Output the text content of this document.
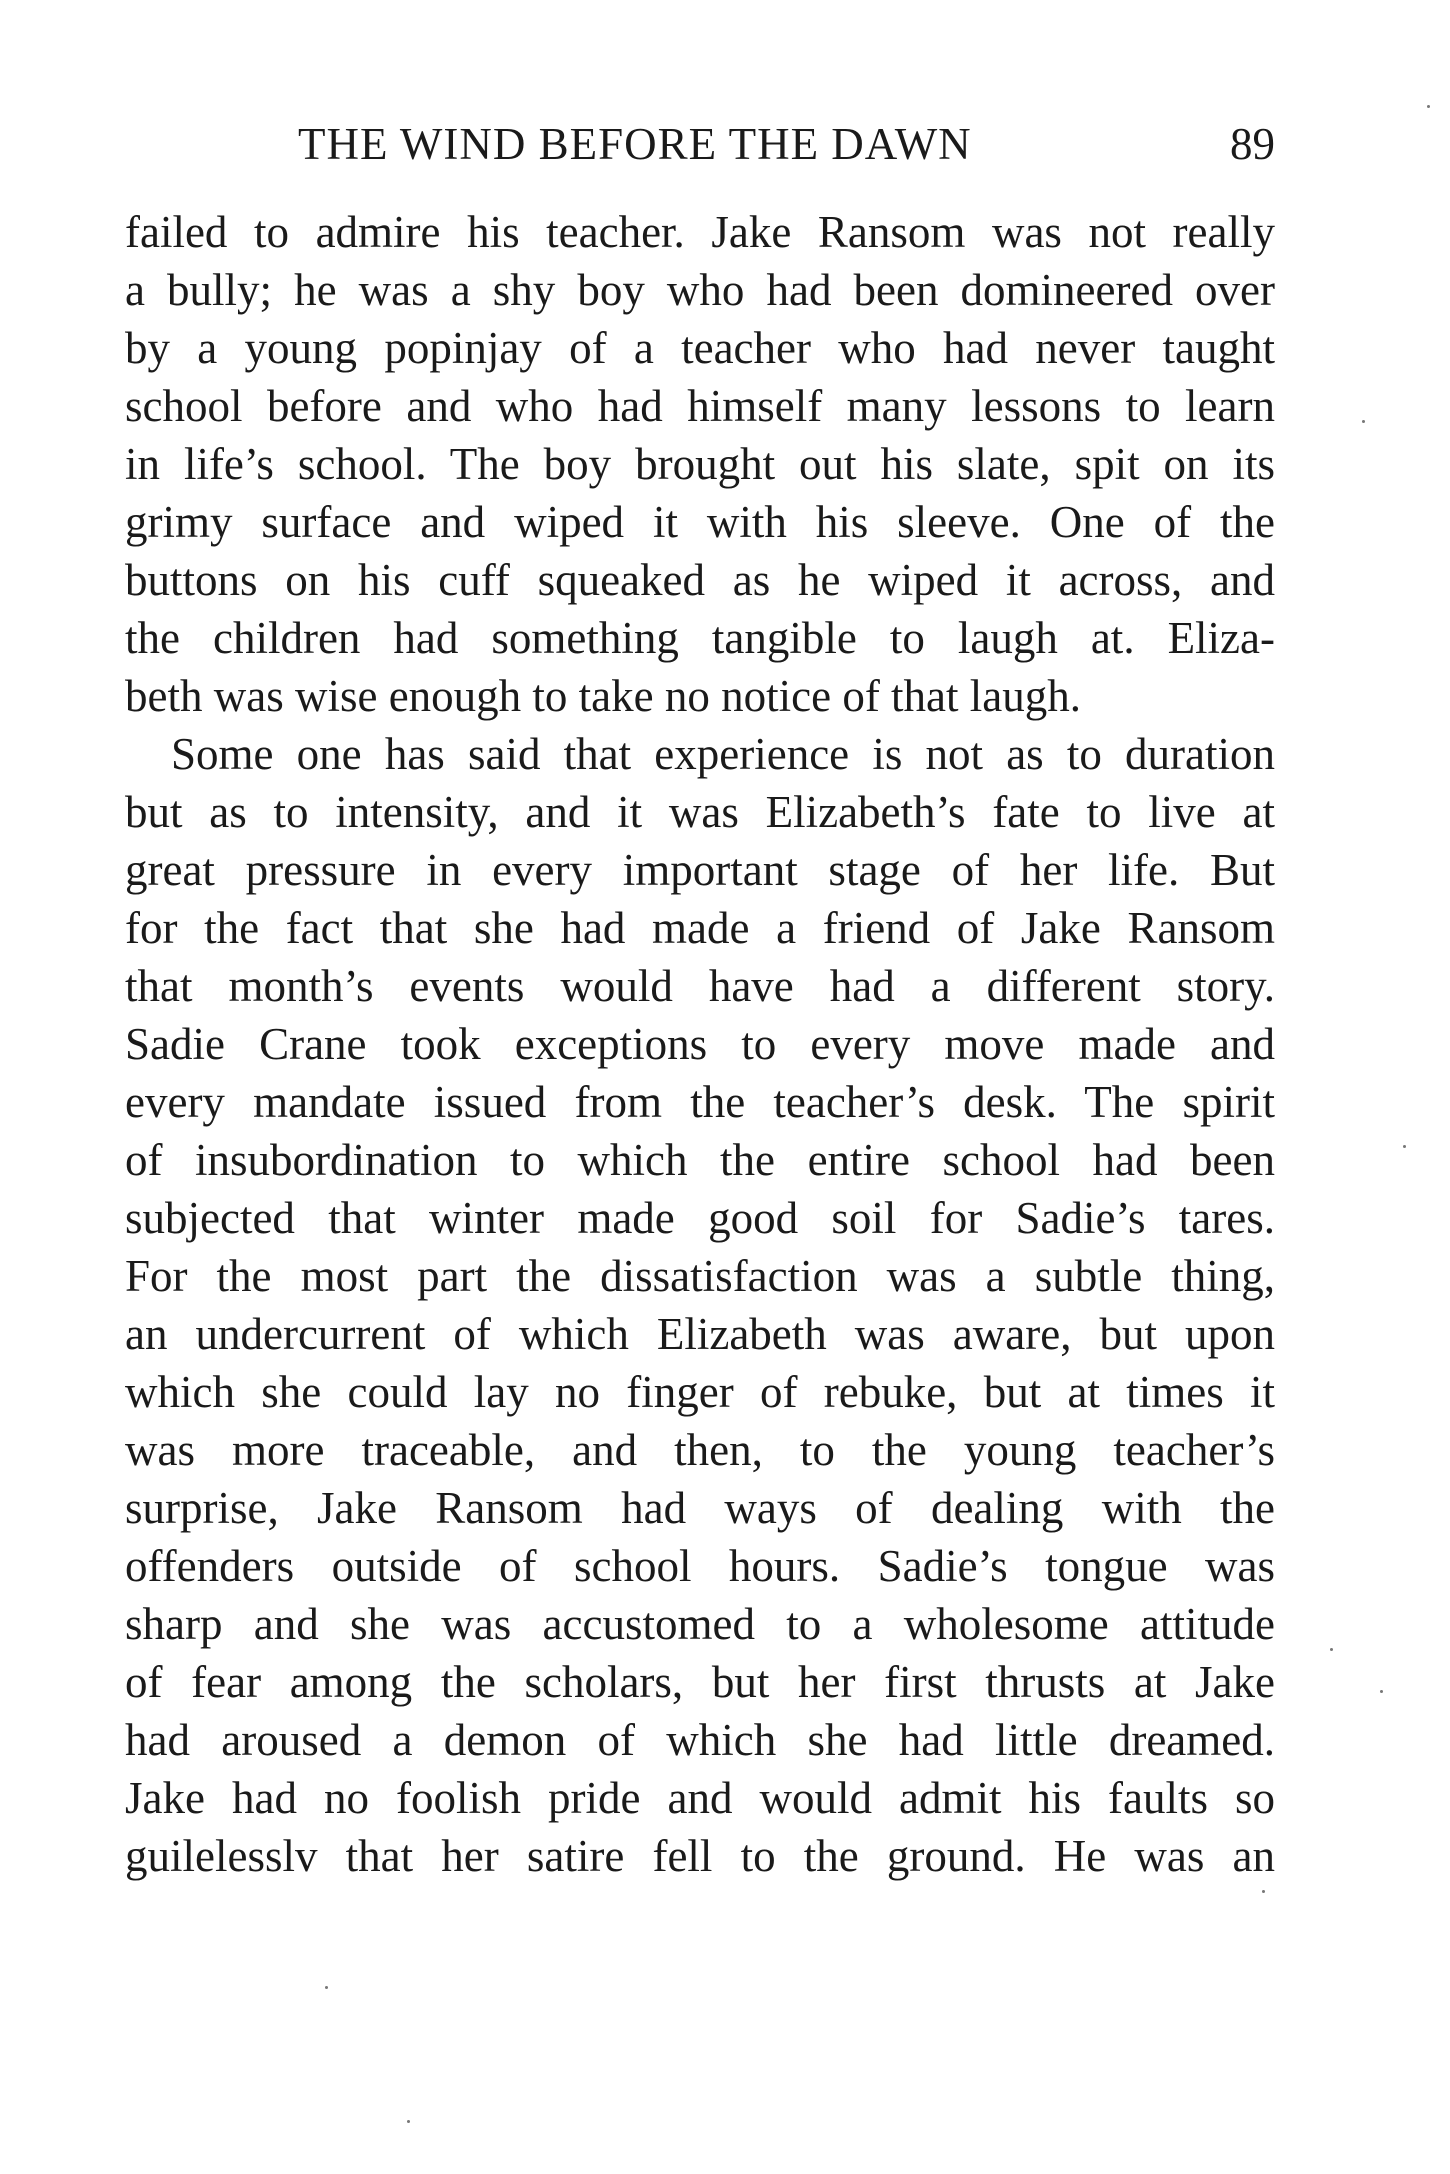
THE WIND BEFORE THE DAWN	89
failed to admire his teacher. Jake Ransom was not really
a bully; he was a shy boy who had been domineered over
by a young popinjay of a teacher who had never taught
school before and who had himself many lessons to learn
in life’s school. The boy brought out his slate, spit on its
grimy surface and wiped it with his sleeve. One of the
buttons on his cuff squeaked as he wiped it across, and
the children had something tangible to laugh at. Eliza-
beth was wise enough to take no notice of that laugh.
Some one has said that experience is not as to duration
but as to intensity, and it was Elizabeth’s fate to live at
great pressure in every important stage of her life. But
for the fact that she had made a friend of Jake Ransom
that month’s events would have had a different story.
Sadie Crane took exceptions to every move made and
every mandate issued from the teacher’s desk. The spirit
of insubordination to which the entire school had been
subjected that winter made good soil for Sadie’s tares.
For the most part the dissatisfaction was a subtle thing,
an undercurrent of which Elizabeth was aware, but upon
which she could lay no finger of rebuke, but at times it
was more traceable, and then, to the young teacher’s
surprise, Jake Ransom had ways of dealing with the
offenders outside of school hours. Sadie’s tongue was
sharp and she was accustomed to a wholesome attitude
of fear among the scholars, but her first thrusts at Jake
had aroused a demon of which she had little dreamed.
Jake had no foolish pride and would admit his faults so
guilelesslv that her satire fell to the ground. He was an
